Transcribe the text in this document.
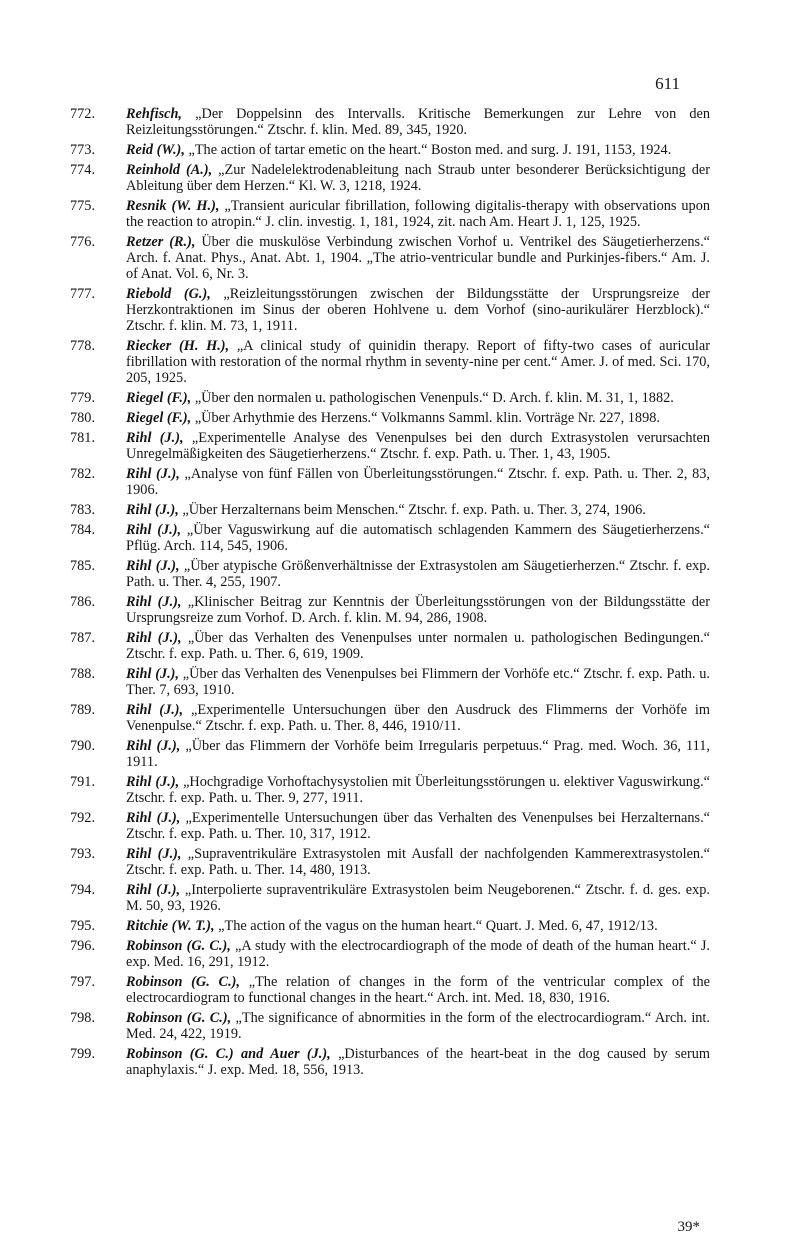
611
772.	Rehfisch, „Der Doppelsinn des Intervalls. Kritische Bemerkungen zur Lehre von den Reizleitungsstörungen.“ Ztschr. f. klin. Med. 89, 345, 1920.
773.	Reid (W.), „The action of tartar emetic on the heart.“ Boston med. and surg. J. 191, 1153, 1924.
774.	Reinhold (A.), „Zur Nadelelektrodenableitung nach Straub unter besonderer Berücksichtigung der Ableitung über dem Herzen.“ Kl. W. 3, 1218, 1924.
775.	Resnik (W. H.), „Transient auricular fibrillation, following digitalis-therapy with observations upon the reaction to atropin.“ J. clin. investig. 1, 181, 1924, zit. nach Am. Heart J. 1, 125, 1925.
776.	Retzer (R.), Über die muskulöse Verbindung zwischen Vorhof u. Ventrikel des Säugetierherzens.“ Arch. f. Anat. Phys., Anat. Abt. 1, 1904. „The atrio-ventricular bundle and Purkinjes-fibers.“ Am. J. of Anat. Vol. 6, Nr. 3.
777.	Riebold (G.), „Reizleitungsstörungen zwischen der Bildungsstätte der Ursprungsreize der Herzkontraktionen im Sinus der oberen Hohlvene u. dem Vorhof (sino-aurikulärer Herzblock).“ Ztschr. f. klin. M. 73, 1, 1911.
778.	Riecker (H. H.), „A clinical study of quinidin therapy. Report of fifty-two cases of auricular fibrillation with restoration of the normal rhythm in seventy-nine per cent.“ Amer. J. of med. Sci. 170, 205, 1925.
779.	Riegel (F.), „Über den normalen u. pathologischen Venenpuls.“ D. Arch. f. klin. M. 31, 1, 1882.
780.	Riegel (F.), „Über Arhythmie des Herzens.“ Volkmanns Samml. klin. Vorträge Nr. 227, 1898.
781.	Rihl (J.), „Experimentelle Analyse des Venenpulses bei den durch Extrasystolen verursachten Unregelmäßigkeiten des Säugetierherzens.“ Ztschr. f. exp. Path. u. Ther. 1, 43, 1905.
782.	Rihl (J.), „Analyse von fünf Fällen von Überleitungsstörungen.“ Ztschr. f. exp. Path. u. Ther. 2, 83, 1906.
783.	Rihl (J.), „Über Herzalternans beim Menschen.“ Ztschr. f. exp. Path. u. Ther. 3, 274, 1906.
784.	Rihl (J.), „Über Vaguswirkung auf die automatisch schlagenden Kammern des Säugetierherzens.“ Pflüg. Arch. 114, 545, 1906.
785.	Rihl (J.), „Über atypische Größenverhältnisse der Extrasystolen am Säugetierherzen.“ Ztschr. f. exp. Path. u. Ther. 4, 255, 1907.
786.	Rihl (J.), „Klinischer Beitrag zur Kenntnis der Überleitungsstörungen von der Bildungsstätte der Ursprungsreize zum Vorhof. D. Arch. f. klin. M. 94, 286, 1908.
787.	Rihl (J.), „Über das Verhalten des Venenpulses unter normalen u. pathologischen Bedingungen.“ Ztschr. f. exp. Path. u. Ther. 6, 619, 1909.
788.	Rihl (J.), „Über das Verhalten des Venenpulses bei Flimmern der Vorhöfe etc.“ Ztschr. f. exp. Path. u. Ther. 7, 693, 1910.
789.	Rihl (J.), „Experimentelle Untersuchungen über den Ausdruck des Flimmerns der Vorhöfe im Venenpulse.“ Ztschr. f. exp. Path. u. Ther. 8, 446, 1910/11.
790.	Rihl (J.), „Über das Flimmern der Vorhöfe beim Irregularis perpetuus.“ Prag. med. Woch. 36, 111, 1911.
791.	Rihl (J.), „Hochgradige Vorhoftachysystolien mit Überleitungsstörungen u. elektiver Vaguswirkung.“ Ztschr. f. exp. Path. u. Ther. 9, 277, 1911.
792.	Rihl (J.), „Experimentelle Untersuchungen über das Verhalten des Venenpulses bei Herzalternans.“ Ztschr. f. exp. Path. u. Ther. 10, 317, 1912.
793.	Rihl (J.), „Supraventrikuläre Extrasystolen mit Ausfall der nachfolgenden Kammerextrasystolen.“ Ztschr. f. exp. Path. u. Ther. 14, 480, 1913.
794.	Rihl (J.), „Interpolierte supraventrikuläre Extrasystolen beim Neugeborenen.“ Ztschr. f. d. ges. exp. M. 50, 93, 1926.
795.	Ritchie (W. T.), „The action of the vagus on the human heart.“ Quart. J. Med. 6, 47, 1912/13.
796.	Robinson (G. C.), „A study with the electrocardiograph of the mode of death of the human heart.“ J. exp. Med. 16, 291, 1912.
797.	Robinson (G. C.), „The relation of changes in the form of the ventricular complex of the electrocardiogram to functional changes in the heart.“ Arch. int. Med. 18, 830, 1916.
798.	Robinson (G. C.), „The significance of abnormities in the form of the electrocardiogram.“ Arch. int. Med. 24, 422, 1919.
799.	Robinson (G. C.) and Auer (J.), „Disturbances of the heart-beat in the dog caused by serum anaphylaxis.“ J. exp. Med. 18, 556, 1913.
39*
